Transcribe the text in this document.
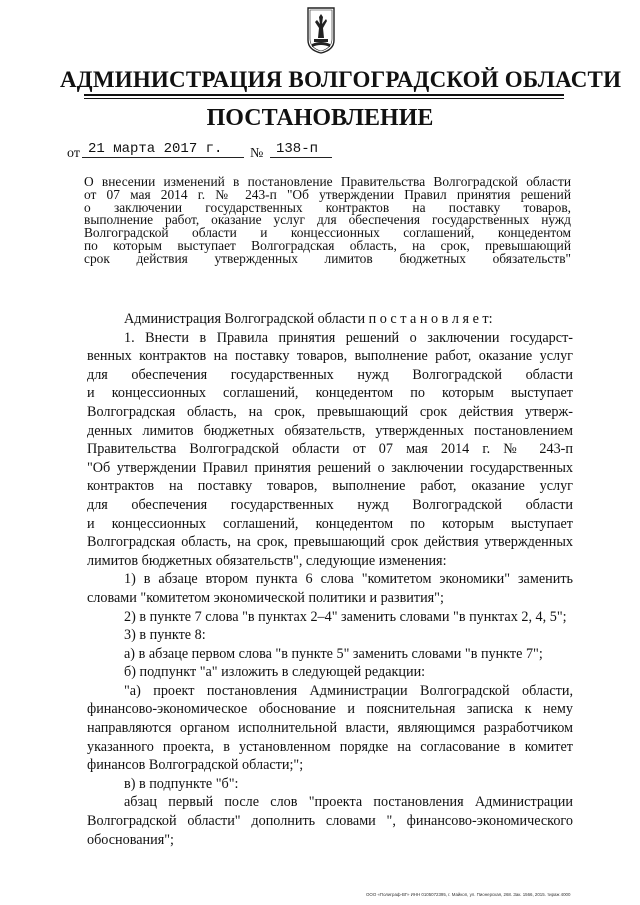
АДМИНИСТРАЦИЯ ВОЛГОГРАДСКОЙ ОБЛАСТИ
ПОСТАНОВЛЕНИЕ
от 21 марта 2017 г. № 138-п
О внесении изменений в постановление Правительства Волгоградской области
от 07 мая 2014 г. № 243-п "Об утверждении Правил принятия решений
о заключении государственных контрактов на поставку товаров,
выполнение работ, оказание услуг для обеспечения государственных нужд
Волгоградской области и концессионных соглашений, концедентом
по которым выступает Волгоградская область, на срок, превышающий
срок действия утвержденных лимитов бюджетных обязательств"
Администрация Волгоградской области п о с т а н о в л я е т:
1. Внести в Правила принятия решений о заключении государст-
венных контрактов на поставку товаров, выполнение работ, оказание услуг
для обеспечения государственных нужд Волгоградской области
и концессионных соглашений, концедентом по которым выступает
Волгоградская область, на срок, превышающий срок действия утверж-
денных лимитов бюджетных обязательств, утвержденных постановлением
Правительства Волгоградской области от 07 мая 2014 г. № 243-п
"Об утверждении Правил принятия решений о заключении государственных
контрактов на поставку товаров, выполнение работ, оказание услуг
для обеспечения государственных нужд Волгоградской области
и концессионных соглашений, концедентом по которым выступает
Волгоградская область, на срок, превышающий срок действия утвержденных
лимитов бюджетных обязательств", следующие изменения:
1) в абзаце втором пункта 6 слова "комитетом экономики" заменить
словами "комитетом экономической политики и развития";
2) в пункте 7 слова "в пунктах 2–4" заменить словами "в пунктах 2, 4, 5";
3) в пункте 8:
а) в абзаце первом слова "в пункте 5" заменить словами "в пункте 7";
б) подпункт "а" изложить в следующей редакции:
"а) проект постановления Администрации Волгоградской области,
финансово-экономическое обоснование и пояснительная записка к нему
направляются органом исполнительной власти, являющимся разработчиком
указанного проекта, в установленном порядке на согласование в комитет
финансов Волгоградской области;";
в) в подпункте "б":
абзац первый после слов "проекта постановления Администрации
Волгоградской области" дополнить словами ", финансово-экономического
обоснования";
ООО «Полиграф-ВГ» ИНН 0105072395, г. Майкоп, ул. Пионерская, 268. Зак. 1566, 2015. тираж 4000
